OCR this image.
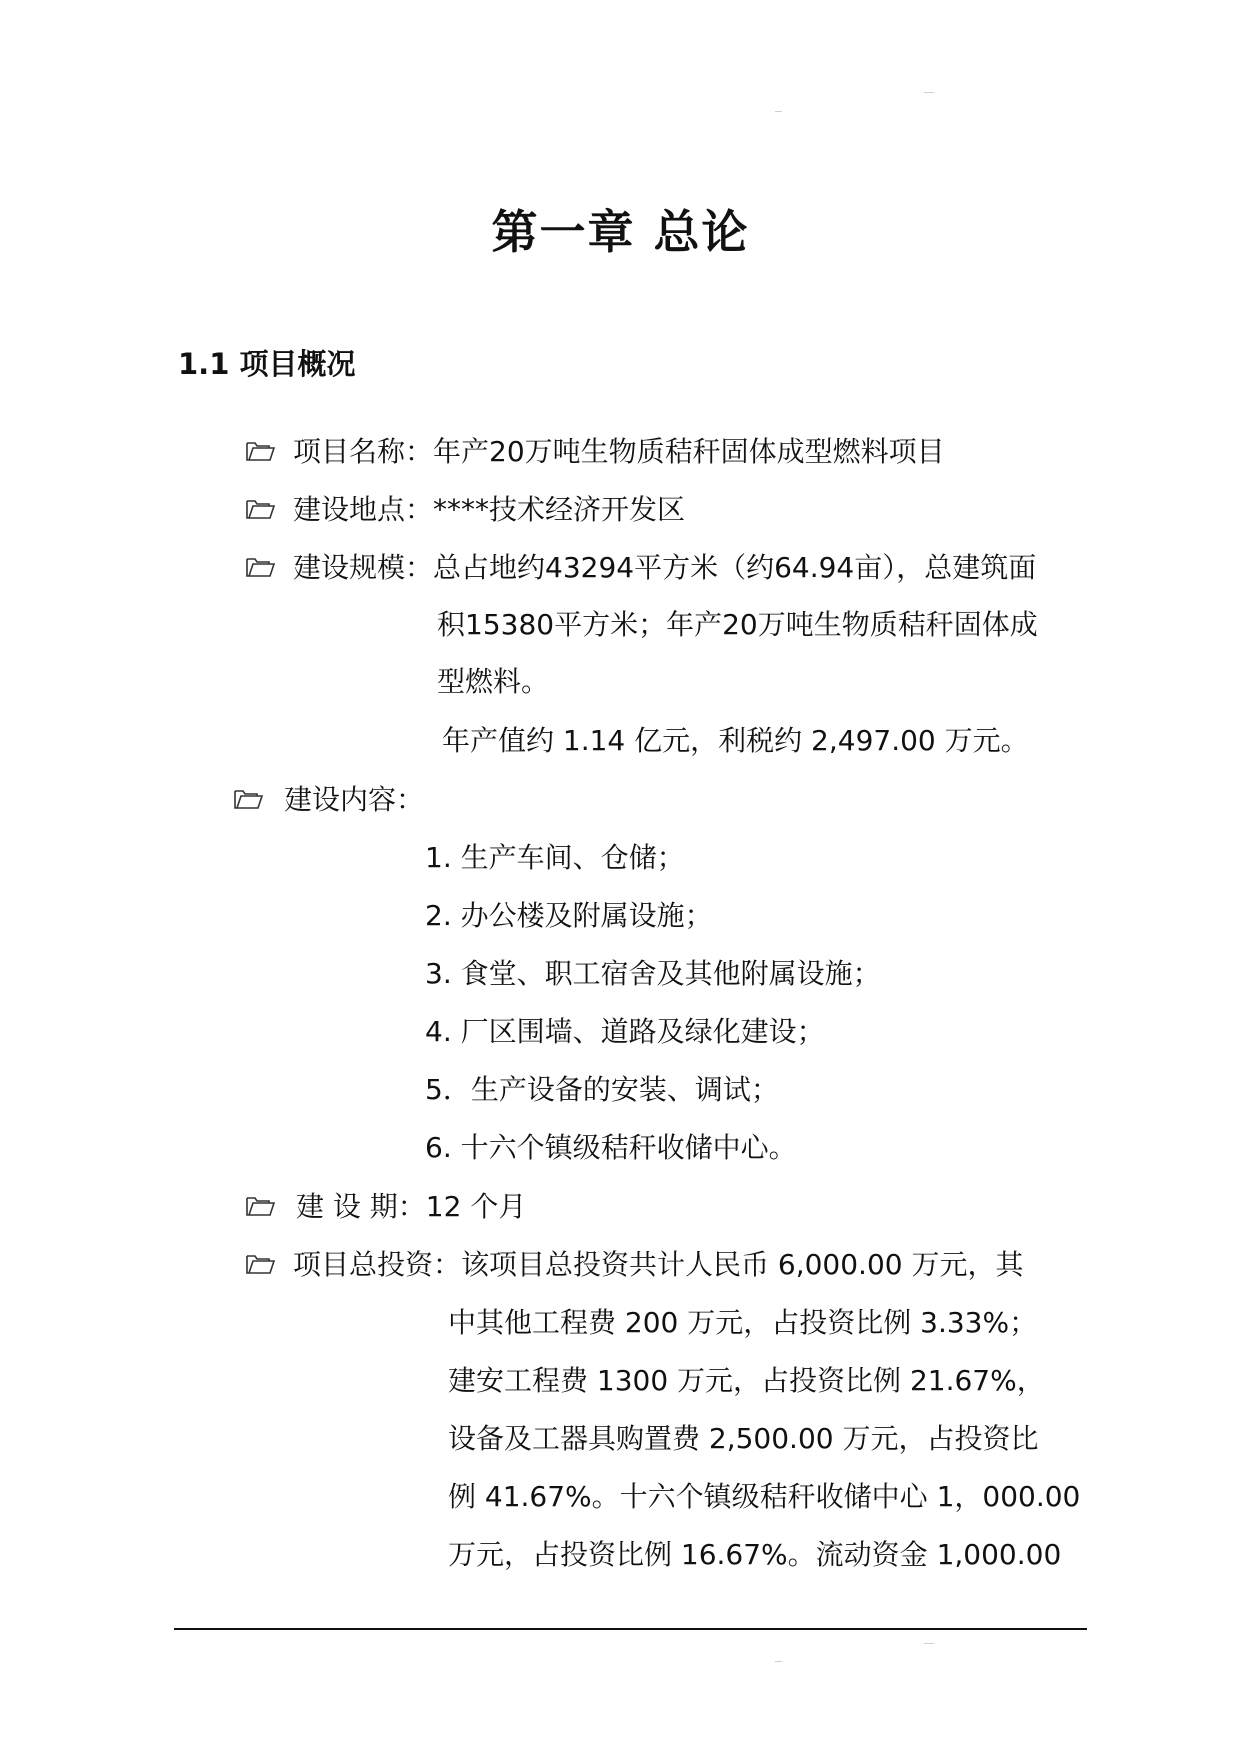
第一章 总论
1.1 项目概况
项目名称：年产20万吨生物质秸秆固体成型燃料项目
建设地点：****技术经济开发区
建设规模：总占地约43294平方米（约64.94亩），总建筑面
积15380平方米；年产20万吨生物质秸秆固体成
型燃料。
年产值约 1.14 亿元，利税约 2,497.00 万元。
建设内容：
1. 生产车间、仓储；
2. 办公楼及附属设施；
3. 食堂、职工宿舍及其他附属设施；
4. 厂区围墙、道路及绿化建设；
5．生产设备的安装、调试；
6. 十六个镇级秸秆收储中心。
建 设 期：12 个月
项目总投资：该项目总投资共计人民币 6,000.00 万元，其
中其他工程费 200 万元，占投资比例 3.33%；
建安工程费 1300 万元，占投资比例 21.67%，
设备及工器具购置费 2,500.00 万元，占投资比
例 41.67%。十六个镇级秸秆收储中心 1，000.00
万元，占投资比例 16.67%。流动资金 1,000.00
